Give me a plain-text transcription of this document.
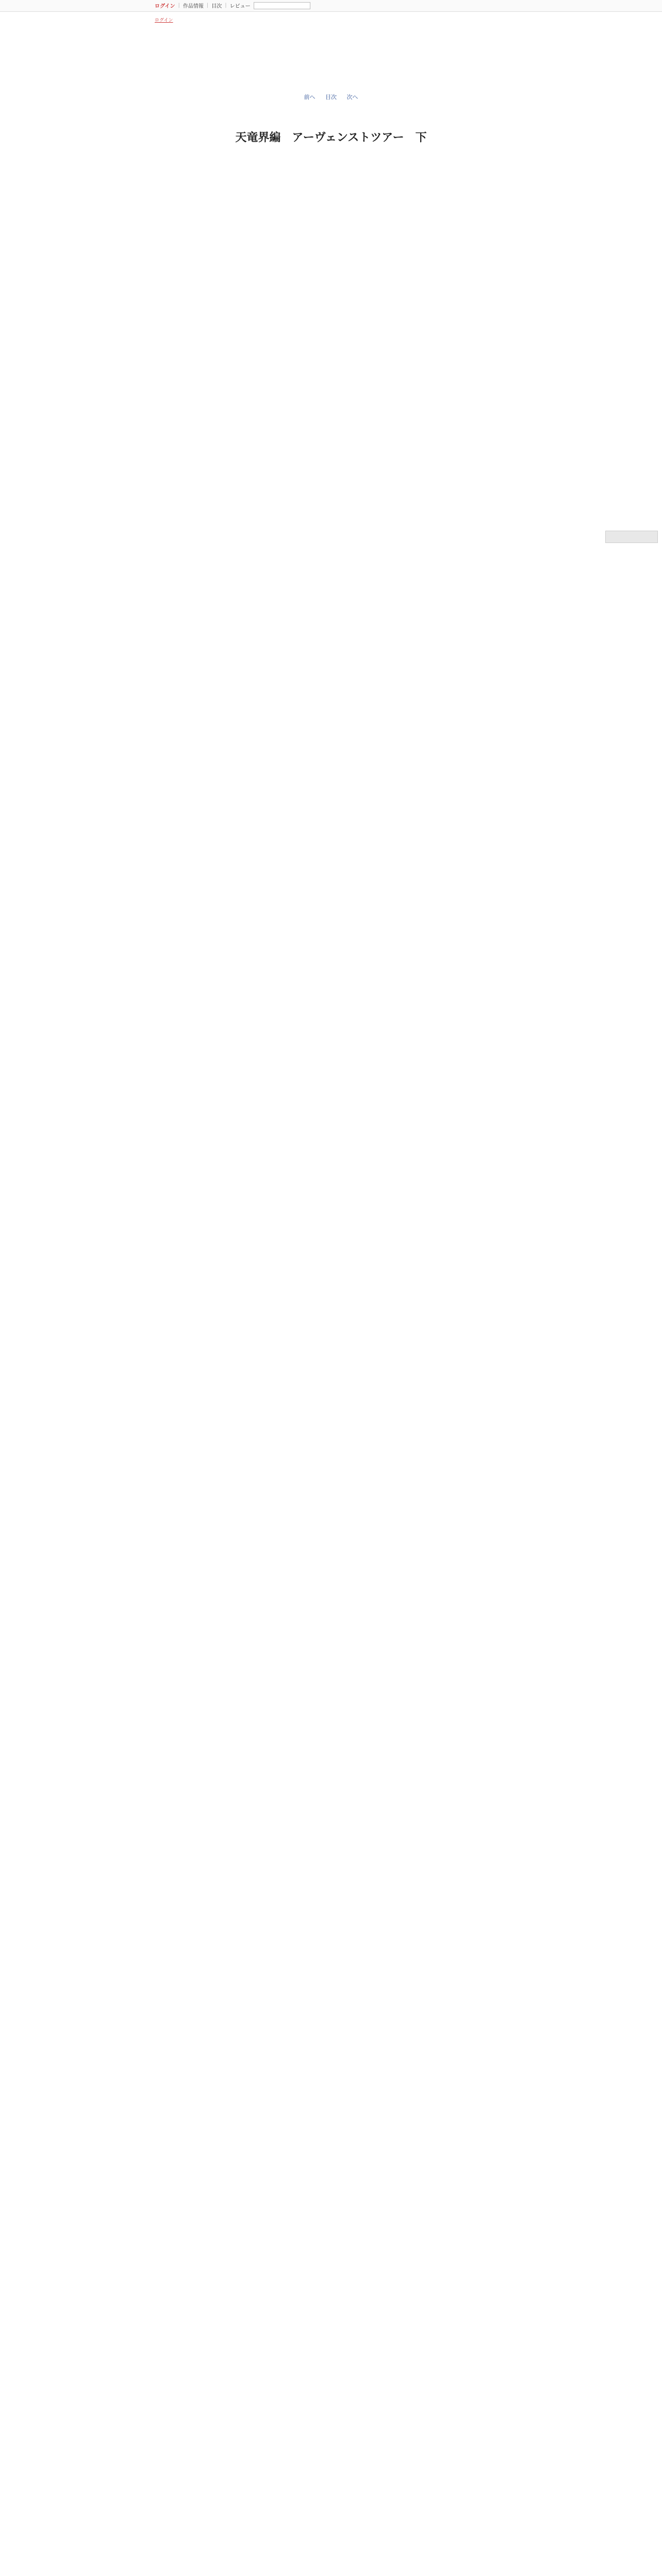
ログイン | 作品情報 | 目次 | レビュー
ログイン
前へ 目次 次へ
天竜界編　アーヴェンストツアー　下
